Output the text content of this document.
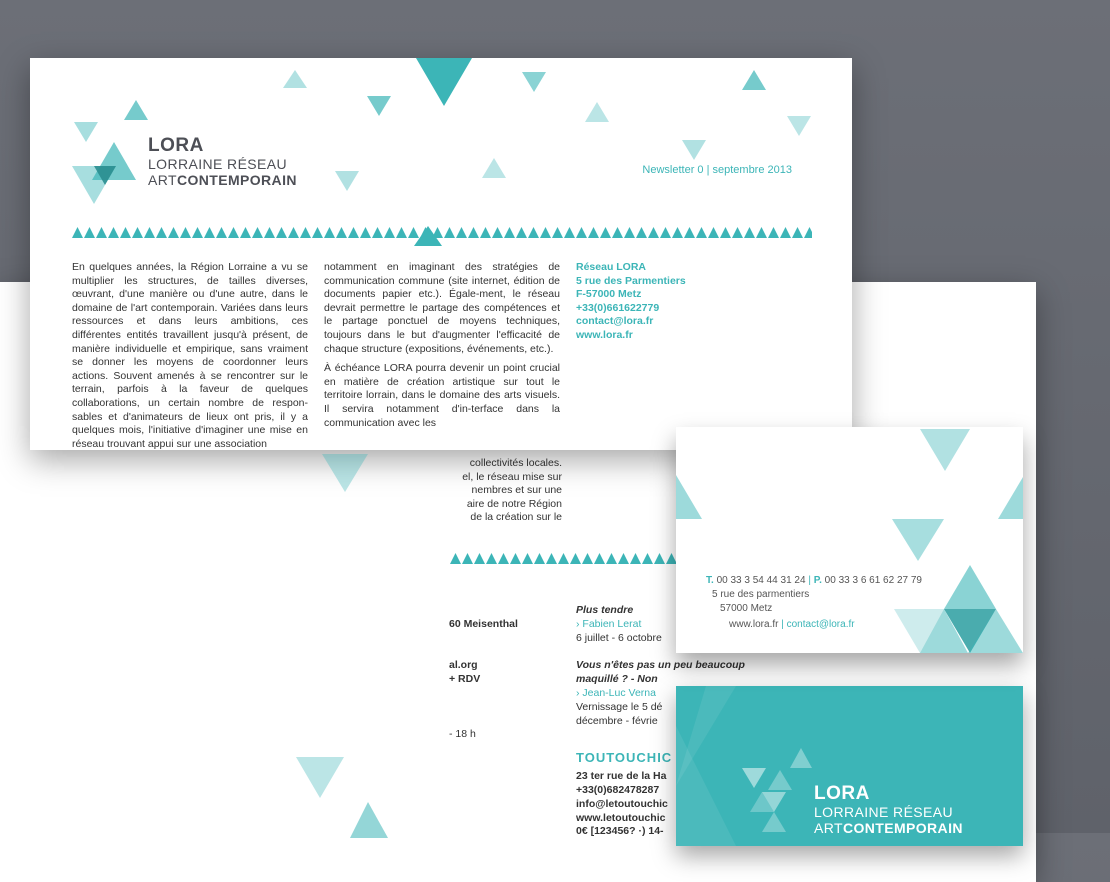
collectivités locales.
el, le réseau mise sur
nembres et sur une
aire de notre Région
de la création sur le
60 Meisenthal
al.org
+ RDV
- 18 h
Plus tendre
› Fabien Lerat
6 juillet - 6 octobre
Vous n'êtes pas un peu beaucoup
maquillé ? - Non
› Jean-Luc Verna
Vernissage le 5 dé
décembre - févrie
TOUTOUCHIC
23 ter rue de la Ha
+33(0)682478287
info@letoutouchic
www.letoutouchic
0€ [123456? ·) 14-
LORA
LORRAINE RÉSEAU
ARTCONTEMPORAIN
Newsletter 0 | septembre 2013
En quelques années, la Région Lorraine a vu se multiplier les structures, de tailles diverses, œuvrant, d'une manière ou d'une autre, dans le domaine de l'art contemporain. Variées dans leurs ressources et dans leurs ambitions, ces différentes entités travaillent jusqu'à présent, de manière individuelle et empirique, sans vraiment se donner les moyens de coordonner leurs actions. Souvent amenés à se rencontrer sur le terrain, parfois à la faveur de quelques collaborations, un certain nombre de respon-sables et d'animateurs de lieux ont pris, il y a quelques mois, l'initiative d'imaginer une mise en réseau trouvant appui sur une association

notamment en imaginant des stratégies de communication commune (site internet, édition de documents papier etc.). Égale-ment, le réseau devrait permettre le partage des compétences et le partage ponctuel de moyens techniques, toujours dans le but d'augmenter l'efficacité de chaque structure (expositions, événements, etc.).

À échéance LORA pourra devenir un point crucial en matière de création artistique sur tout le territoire lorrain, dans le domaine des arts visuels. Il servira notamment d'in-terface dans la communication avec les

Réseau LORA
5 rue des Parmentiers
F-57000 Metz
+33(0)661622779
contact@lora.fr
www.lora.fr
T. 00 33 3 54 44 31 24 | P. 00 33 3 6 61 62 27 79
5 rue des parmentiers
57000 Metz
www.lora.fr | contact@lora.fr
LORA
LORRAINE RÉSEAU
ARTCONTEMPORAIN
